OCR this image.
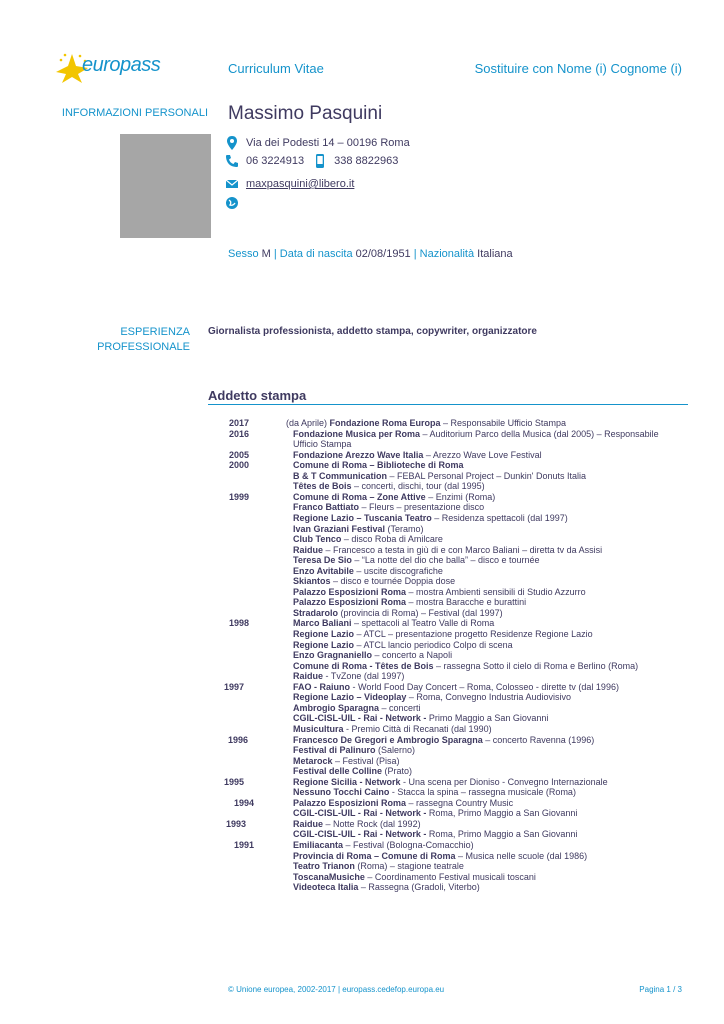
europass	Curriculum Vitae	Sostituire con Nome (i) Cognome (i)
INFORMAZIONI PERSONALI Massimo Pasquini
Via dei Podesti 14 – 00196 Roma
06 3224913	338 8822963
maxpasquini@libero.it
Sesso M | Data di nascita 02/08/1951 | Nazionalità Italiana
ESPERIENZA
PROFESSIONALE
Giornalista professionista, addetto stampa, copywriter, organizzatore
Addetto stampa
2017	(da Aprile) Fondazione Roma Europa – Responsabile Ufficio Stampa
2016	Fondazione Musica per Roma – Auditorium Parco della Musica (dal 2005) – Responsabile
Ufficio Stampa
2005	Fondazione Arezzo Wave Italia – Arezzo Wave Love Festival
2000	Comune di Roma – Biblioteche di Roma
B & T Communication – FEBAL Personal Project – Dunkin' Donuts Italia
Têtes de Bois – concerti, dischi, tour (dal 1995)
1999	Comune di Roma – Zone Attive – Enzimi (Roma)
Franco Battiato – Fleurs – presentazione disco
Regione Lazio – Tuscania Teatro – Residenza spettacoli (dal 1997)
Ivan Graziani Festival (Teramo)
Club Tenco – disco Roba di Amilcare
Raidue – Francesco a testa in giù di e con Marco Baliani – diretta tv da Assisi
Teresa De Sio – “La notte del dio che balla” – disco e tournée
Enzo Avitabile – uscite discografiche
Skiantos – disco e tournée Doppia dose
Palazzo Esposizioni Roma – mostra Ambienti sensibili di Studio Azzurro
Palazzo Esposizioni Roma – mostra Baracche e burattini
Stradarolo (provincia di Roma) – Festival (dal 1997)
1998	Marco Baliani – spettacoli al Teatro Valle di Roma
Regione Lazio – ATCL – presentazione progetto Residenze Regione Lazio
Regione Lazio – ATCL lancio periodico Colpo di scena
Enzo Gragnaniello – concerto a Napoli
Comune di Roma - Têtes de Bois – rassegna Sotto il cielo di Roma e Berlino (Roma)
Raidue - TvZone (dal 1997)
1997	FAO - Raiuno - World Food Day Concert – Roma, Colosseo - dirette tv (dal 1996)
Regione Lazio – Videoplay – Roma, Convegno Industria Audiovisivo
Ambrogio Sparagna – concerti
CGIL-CISL-UIL - Rai - Network - Primo Maggio a San Giovanni
Musicultura - Premio Città di Recanati (dal 1990)
1996	Francesco De Gregori e Ambrogio Sparagna – concerto Ravenna (1996)
Festival di Palinuro (Salerno)
Metarock – Festival (Pisa)
Festival delle Colline (Prato)
1995	Regione Sicilia - Network - Una scena per Dioniso - Convegno Internazionale
Nessuno Tocchi Caino - Stacca la spina – rassegna musicale (Roma)
1994	Palazzo Esposizioni Roma – rassegna Country Music
CGIL-CISL-UIL - Rai - Network - Roma, Primo Maggio a San Giovanni
1993	Raidue – Notte Rock (dal 1992)
CGIL-CISL-UIL - Rai - Network - Roma, Primo Maggio a San Giovanni
1991	Emiliacanta – Festival (Bologna-Comacchio)
Provincia di Roma – Comune di Roma – Musica nelle scuole (dal 1986)
Teatro Trianon (Roma) – stagione teatrale
ToscanaMusiche – Coordinamento Festival musicali toscani
Videoteca Italia – Rassegna (Gradoli, Viterbo)
© Unione europea, 2002-2017 | europass.cedefop.europa.eu	Pagina 1 / 3
